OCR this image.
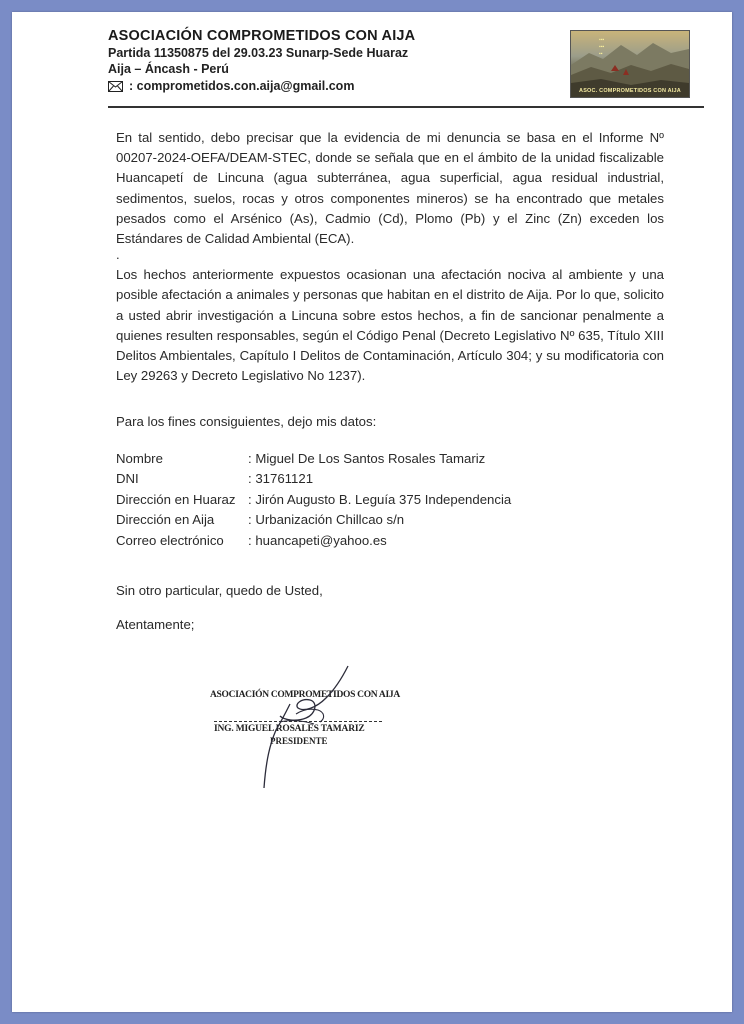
ASOCIACIÓN COMPROMETIDOS CON AIJA
Partida 11350875 del 29.03.23 Sunarp-Sede Huaraz
Aija – Áncash - Perú
: comprometidos.con.aija@gmail.com
▪▪▪
▪▪▪
▪▪
ASOC. COMPROMETIDOS CON AIJA

En tal sentido, debo precisar que la evidencia de mi denuncia se basa en el Informe Nº 00207-2024-OEFA/DEAM-STEC, donde se señala que en el ámbito de la unidad fiscalizable Huancapetí de Lincuna (agua subterránea, agua superficial, agua residual industrial, sedimentos, suelos, rocas y otros componentes mineros) se ha encontrado que metales pesados como el Arsénico (As), Cadmio (Cd), Plomo (Pb) y el Zinc (Zn) exceden los Estándares de Calidad Ambiental (ECA).

.

Los hechos anteriormente expuestos ocasionan una afectación nociva al ambiente y una posible afectación a animales y personas que habitan en el distrito de Aija. Por lo que, solicito a usted abrir investigación a Lincuna sobre estos hechos, a fin de sancionar penalmente a quienes resulten responsables, según el Código Penal (Decreto Legislativo Nº 635, Título XIII Delitos Ambientales, Capítulo I Delitos de Contaminación, Artículo 304; y su modificatoria con Ley 29263 y Decreto Legislativo No 1237).

Para los fines consiguientes, dejo mis datos:

Nombre	: Miguel De Los Santos Rosales Tamariz
DNI	: 31761121
Dirección en Huaraz : Jirón Augusto B. Leguía 375 Independencia
Dirección en Aija	: Urbanización Chillcao s/n
Correo electrónico	: huancapeti@yahoo.es

Sin otro particular, quedo de Usted,

Atentamente;

ASOCIACIÓN COMPROMETIDOS CON AIJA
ING. MIGUEL ROSALES TAMARIZ
PRESIDENTE
